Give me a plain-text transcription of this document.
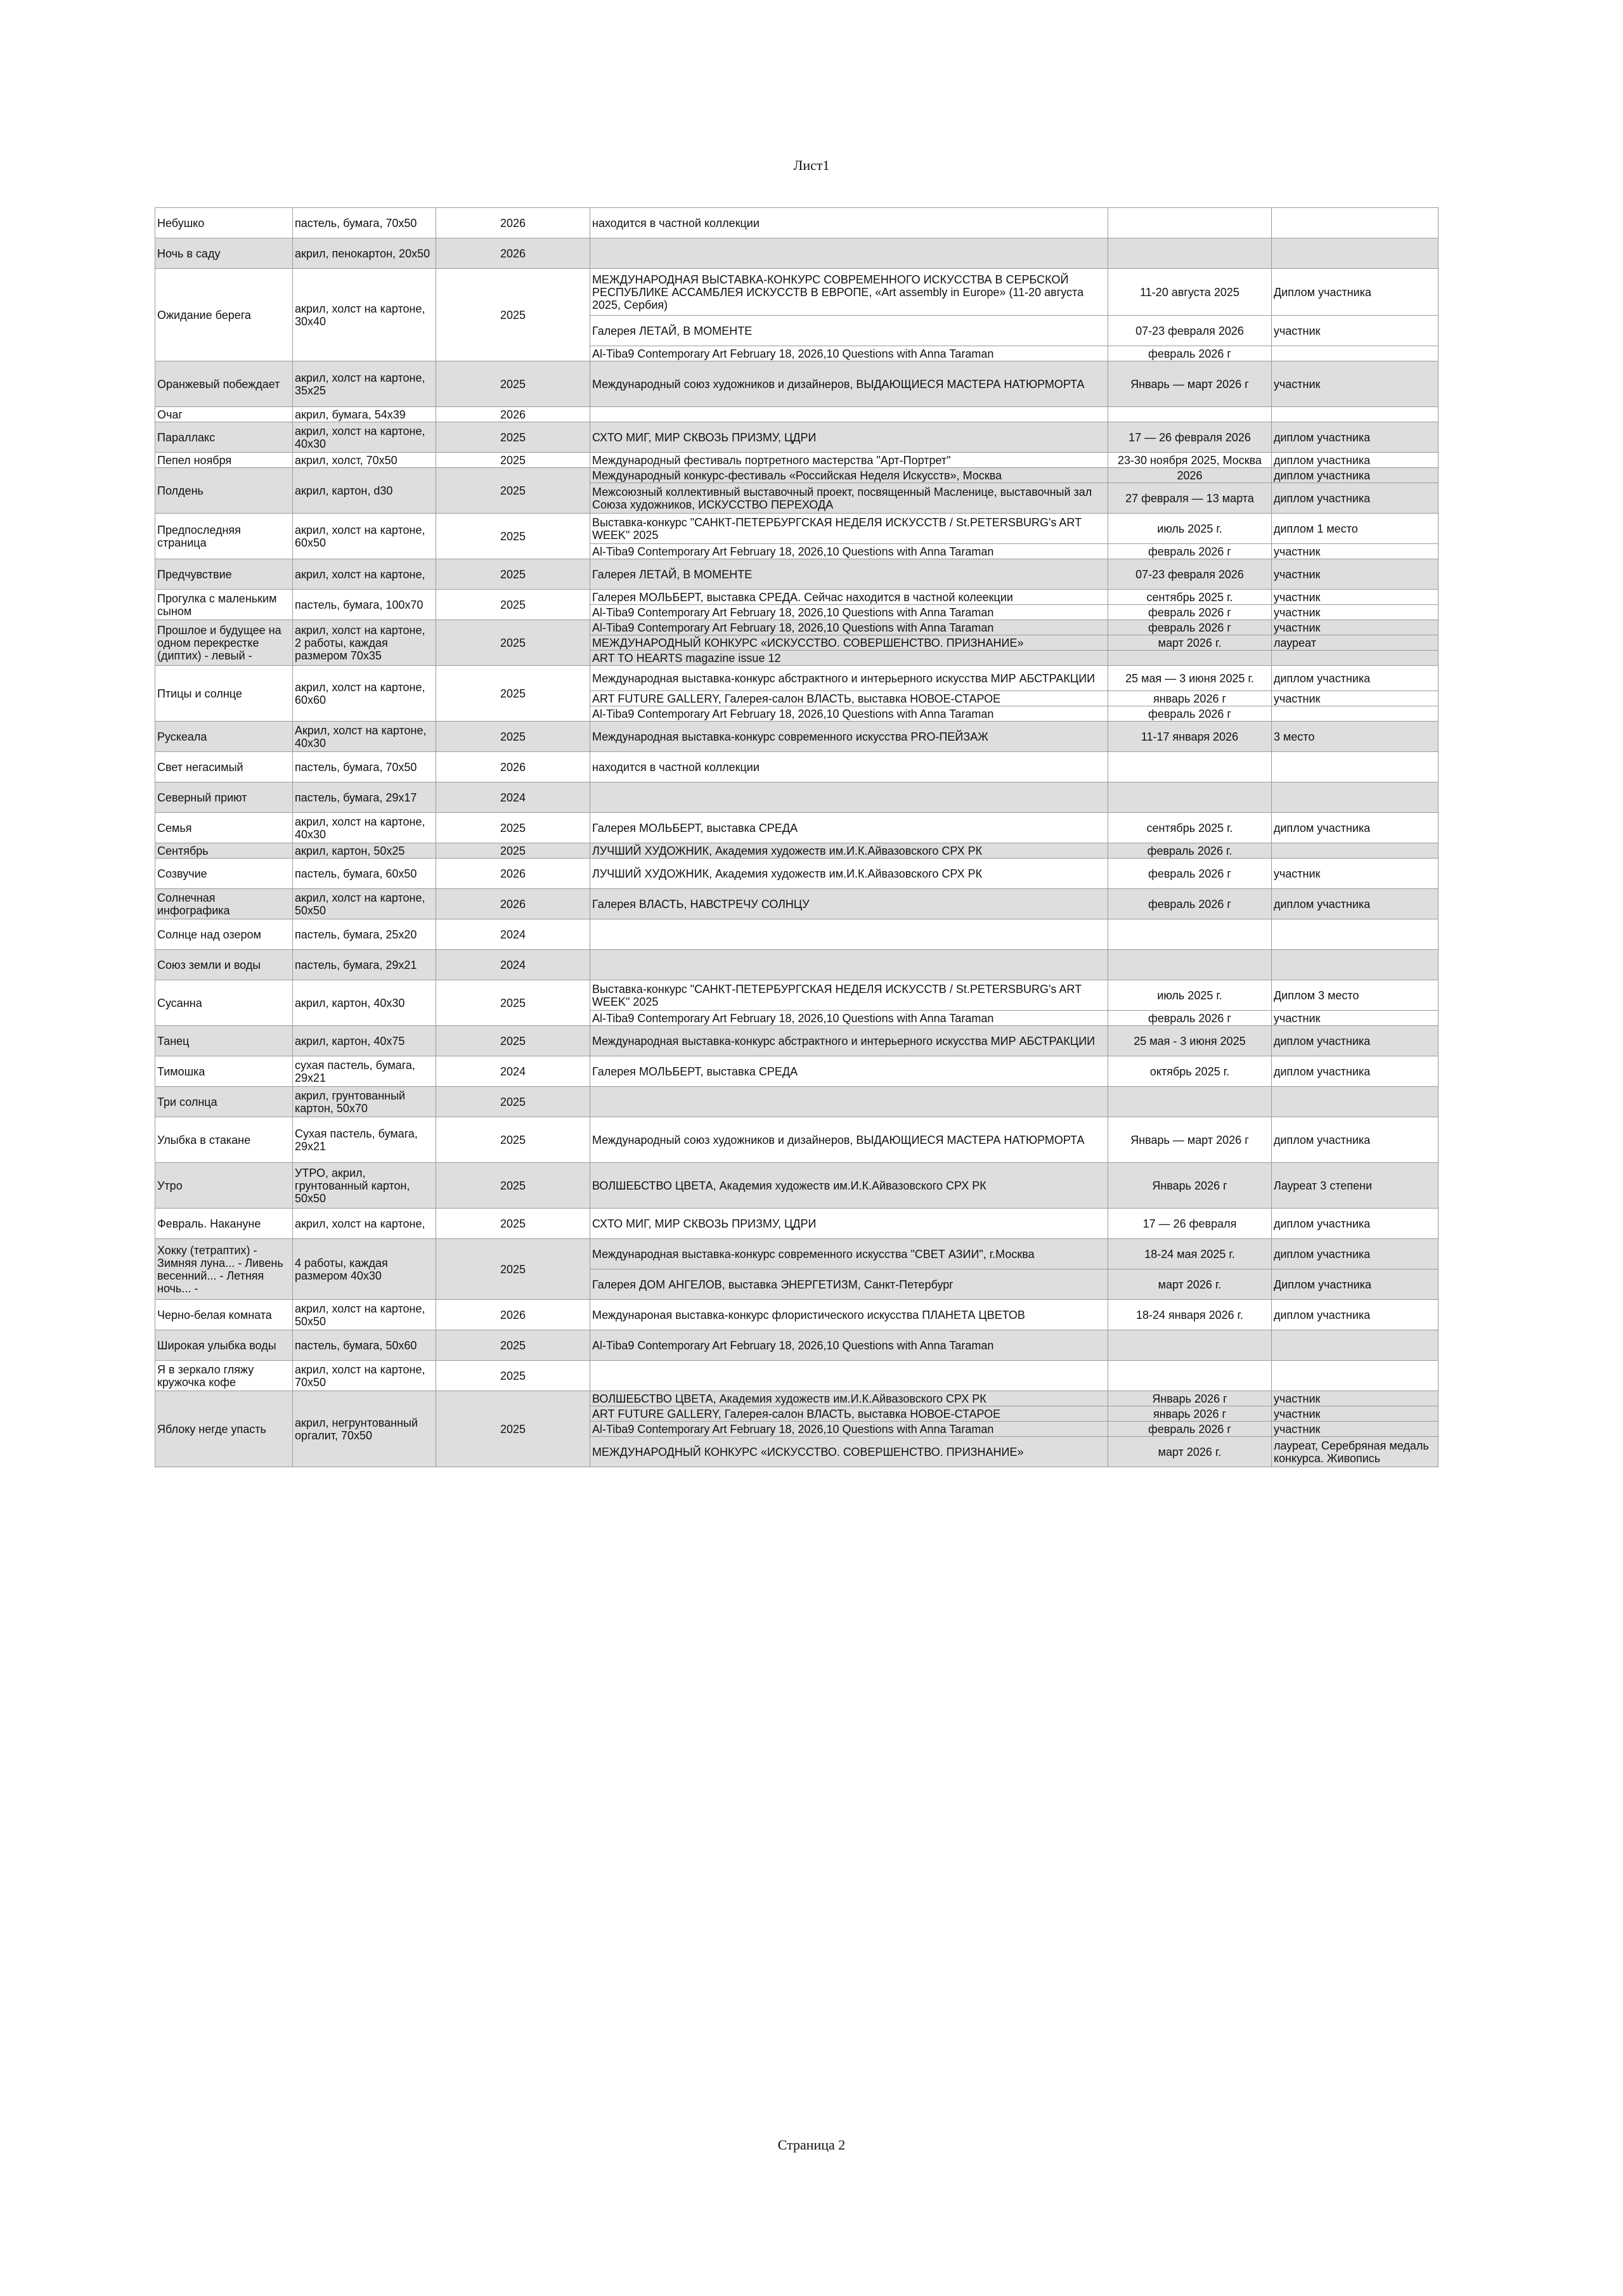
Лист1
Небушко	пастель, бумага, 70х50	2026	находится в частной коллекции		
Ночь в саду	акрил, пенокартон, 20х50	2026			
Ожидание берега	акрил, холст на картоне, 30х40	2025	МЕЖДУНАРОДНАЯ ВЫСТАВКА-КОНКУРС СОВРЕМЕННОГО ИСКУССТВА В СЕРБСКОЙ РЕСПУБЛИКЕ АССАМБЛЕЯ ИСКУССТВ В ЕВРОПЕ, «Art assembly in Europe» (11-20 августа 2025, Сербия)	11-20 августа 2025	Диплом участника
			Галерея ЛЕТАЙ, В МОМЕНТЕ	07-23 февраля 2026	участник
			Al-Tiba9 Contemporary Art February 18, 2026,10 Questions with Anna Taraman	февраль 2026 г	
Оранжевый побеждает	акрил, холст на картоне, 35х25	2025	Международный союз художников и дизайнеров, ВЫДАЮЩИЕСЯ МАСТЕРА НАТЮРМОРТА	Январь — март 2026 г	участник
Очаг	акрил, бумага, 54х39	2026			
Параллакс	акрил, холст на картоне, 40х30	2025	СХТО МИГ, МИР СКВОЗЬ ПРИЗМУ, ЦДРИ	17 — 26 февраля 2026	диплом участника
Пепел ноября	акрил, холст, 70х50	2025	Международный фестиваль портретного мастерства "Арт-Портрет"	23-30 ноября 2025, Москва	диплом участника
Полдень	акрил, картон, d30	2025	Международный конкурс-фестиваль «Российская Неделя Искусств», Москва	2026	диплом участника
			Межсоюзный коллективный выставочный проект, посвященный Масленице, выставочный зал Союза художников, ИСКУССТВО ПЕРЕХОДА	27 февраля — 13 марта	диплом участника
Предпоследняя страница	акрил, холст на картоне, 60х50	2025	Выставка-конкурс "САНКТ-ПЕТЕРБУРГСКАЯ НЕДЕЛЯ ИСКУССТВ / St.PETERSBURG's ART WEEK" 2025	июль 2025 г.	диплом 1 место
			Al-Tiba9 Contemporary Art February 18, 2026,10 Questions with Anna Taraman	февраль 2026 г	участник
Предчувствие	акрил, холст на картоне,	2025	Галерея ЛЕТАЙ, В МОМЕНТЕ	07-23 февраля 2026	участник
Прогулка с маленьким сыном	пастель, бумага, 100х70	2025	Галерея МОЛЬБЕРТ, выставка СРЕДА. Сейчас находится в частной колеекции	сентябрь 2025 г.	участник
			Al-Tiba9 Contemporary Art February 18, 2026,10 Questions with Anna Taraman	февраль 2026 г	участник
Прошлое и будущее на одном перекрестке (диптих) - левый -	акрил, холст на картоне, 2 работы, каждая размером 70х35	2025	Al-Tiba9 Contemporary Art February 18, 2026,10 Questions with Anna Taraman	февраль 2026 г	участник
			МЕЖДУНАРОДНЫЙ КОНКУРС «ИСКУССТВО. СОВЕРШЕНСТВО. ПРИЗНАНИЕ»	март 2026 г.	лауреат
			ART TO HEARTS magazine issue 12		
Птицы и солнце	акрил, холст на картоне, 60х60	2025	Международная выставка-конкурс абстрактного и интерьерного искусства МИР АБСТРАКЦИИ	25 мая — 3 июня 2025 г.	диплом участника
			ART FUTURE GALLERY, Галерея-салон ВЛАСТЬ, выставка НОВОЕ-СТАРОЕ	январь 2026 г	участник
			Al-Tiba9 Contemporary Art February 18, 2026,10 Questions with Anna Taraman	февраль 2026 г	
Рускеала	Акрил, холст на картоне, 40х30	2025	Международная выставка-конкурс современного искусства PRO-ПЕЙЗАЖ	11-17 января 2026	3 место
Свет негасимый	пастель, бумага, 70х50	2026	находится в частной коллекции		
Северный приют	пастель, бумага, 29х17	2024			
Семья	акрил, холст на картоне, 40х30	2025	Галерея МОЛЬБЕРТ, выставка СРЕДА	сентябрь 2025 г.	диплом участника
Сентябрь	акрил, картон, 50х25	2025	ЛУЧШИЙ ХУДОЖНИК, Академия художеств им.И.К.Айвазовского СРХ РК	февраль 2026 г.	
Созвучие	пастель, бумага, 60х50	2026	ЛУЧШИЙ ХУДОЖНИК, Академия художеств им.И.К.Айвазовского СРХ РК	февраль 2026 г	участник
Солнечная инфографика	акрил, холст на картоне, 50х50	2026	Галерея ВЛАСТЬ, НАВСТРЕЧУ СОЛНЦУ	февраль 2026 г	диплом участника
Солнце над озером	пастель, бумага, 25х20	2024			
Союз земли и воды	пастель, бумага, 29х21	2024			
Сусанна	акрил, картон, 40х30	2025	Выставка-конкурс "САНКТ-ПЕТЕРБУРГСКАЯ НЕДЕЛЯ ИСКУССТВ / St.PETERSBURG's ART WEEK" 2025	июль 2025 г.	Диплом 3 место
			Al-Tiba9 Contemporary Art February 18, 2026,10 Questions with Anna Taraman	февраль 2026 г	участник
Танец	акрил, картон, 40х75	2025	Международная выставка-конкурс абстрактного и интерьерного искусства МИР АБСТРАКЦИИ	25 мая - 3 июня 2025	диплом участника
Тимошка	сухая пастель, бумага, 29х21	2024	Галерея МОЛЬБЕРТ, выставка СРЕДА	октябрь 2025 г.	диплом участника
Три солнца	акрил, грунтованный картон, 50х70	2025			
Улыбка в стакане	Сухая пастель, бумага, 29х21	2025	Международный союз художников и дизайнеров, ВЫДАЮЩИЕСЯ МАСТЕРА НАТЮРМОРТА	Январь — март 2026 г	диплом участника
Утро	УТРО, акрил, грунтованный картон, 50х50	2025	ВОЛШЕБСТВО ЦВЕТА, Академия художеств им.И.К.Айвазовского СРХ РК	Январь 2026 г	Лауреат 3 степени
Февраль. Накануне	акрил, холст на картоне,	2025	СХТО МИГ, МИР СКВОЗЬ ПРИЗМУ, ЦДРИ	17 — 26 февраля	диплом участника
Хокку (тетраптих) - Зимняя луна... - Ливень весенний... - Летняя ночь... -	4 работы, каждая размером 40х30	2025	Международная выставка-конкурс современного искусства "СВЕТ АЗИИ", г.Москва	18-24 мая 2025 г.	диплом участника
			Галерея ДОМ АНГЕЛОВ, выставка ЭНЕРГЕТИЗМ, Санкт-Петербург	март 2026 г.	Диплом участника
Черно-белая комната	акрил, холст на картоне, 50х50	2026	Междунароная выставка-конкурс флористического искусства ПЛАНЕТА ЦВЕТОВ	18-24 января 2026 г.	диплом участника
Широкая улыбка воды	пастель, бумага, 50х60	2025	Al-Tiba9 Contemporary Art February 18, 2026,10 Questions with Anna Taraman		
Я в зеркало гляжу кружочка кофе	акрил, холст на картоне, 70х50	2025			
Яблоку негде упасть	акрил, негрунтованный оргалит, 70х50	2025	ВОЛШЕБСТВО ЦВЕТА, Академия художеств им.И.К.Айвазовского СРХ РК	Январь 2026 г	участник
			ART FUTURE GALLERY, Галерея-салон ВЛАСТЬ, выставка НОВОЕ-СТАРОЕ	январь 2026 г	участник
			Al-Tiba9 Contemporary Art February 18, 2026,10 Questions with Anna Taraman	февраль 2026 г	участник
			МЕЖДУНАРОДНЫЙ КОНКУРС «ИСКУССТВО. СОВЕРШЕНСТВО. ПРИЗНАНИЕ»	март 2026 г.	лауреат, Серебряная медаль конкурса. Живопись
Страница 2
